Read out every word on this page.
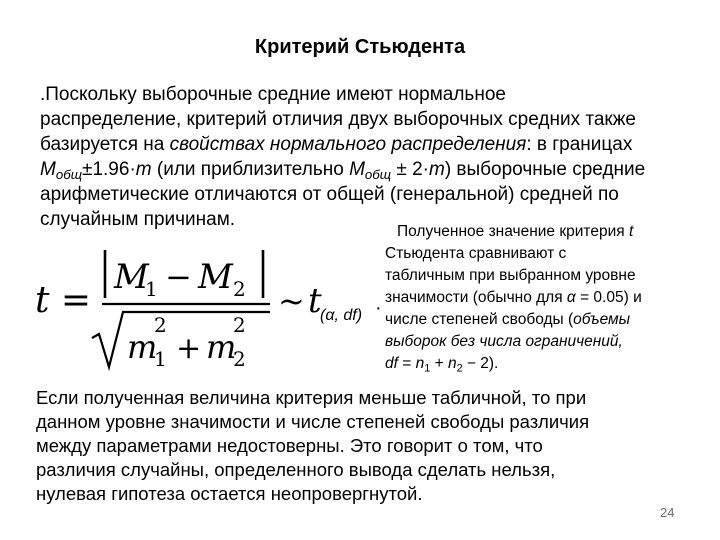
Критерий Стьюдента
.Поскольку выборочные средние имеют нормальное
распределение, критерий отличия двух выборочных средних также
базируется на свойствах нормального распределения: в границах
$M_{общ}\pm 1.96\cdot m$ (или приблизительно $M_{общ} \pm 2\cdot m$) выборочные средние
арифметические отличаются от общей (генеральной) средней по
случайным причинам.
t =
M
1 − M 2
m
2
1 + m
2
2
~ t
(α, df) ·
Полученное значение критерия t
Стьюдента сравнивают с
табличным при выбранном уровне
значимости (обычно для α = 0.05) и
числе степеней свободы (объемы
выборок без числа ограничений,
df = $n_1 + n_2 - 2$).
Если полученная величина критерия меньше табличной, то при
данном уровне значимости и числе степеней свободы различия
между параметрами недостоверны. Это говорит о том, что
различия случайны, определенного вывода сделать нельзя,
нулевая гипотеза остается неопровергнутой.
24
